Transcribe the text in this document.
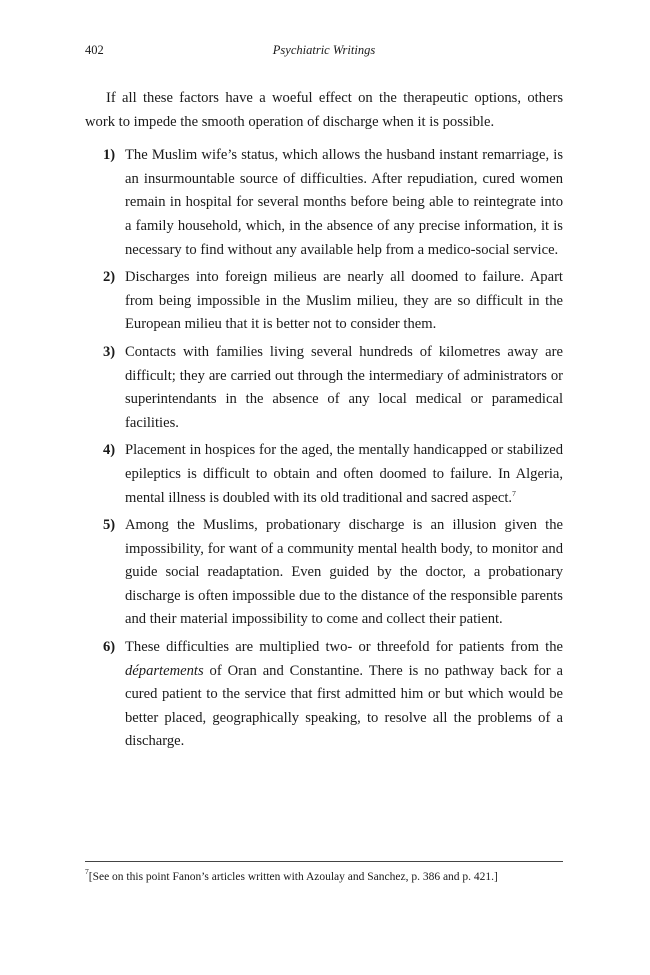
402	Psychiatric Writings

If all these factors have a woeful effect on the therapeutic options, others work to impede the smooth operation of discharge when it is possible.

1) The Muslim wife’s status, which allows the husband instant remarriage, is an insurmountable source of difficulties. After repudiation, cured women remain in hospital for several months before being able to reintegrate into a family household, which, in the absence of any precise information, it is necessary to find without any available help from a medico-social service.
2) Discharges into foreign milieus are nearly all doomed to failure. Apart from being impossible in the Muslim milieu, they are so difficult in the European milieu that it is better not to consider them.
3) Contacts with families living several hundreds of kilometres away are difficult; they are carried out through the intermediary of administrators or superintendants in the absence of any local medical or paramedical facilities.
4) Placement in hospices for the aged, the mentally handicapped or stabilized epileptics is difficult to obtain and often doomed to failure. In Algeria, mental illness is doubled with its old traditional and sacred aspect.$^7$
5) Among the Muslims, probationary discharge is an illusion given the impossibility, for want of a community mental health body, to monitor and guide social readaptation. Even guided by the doctor, a probationary discharge is often impossible due to the distance of the responsible parents and their material impossibility to come and collect their patient.
6) These difficulties are multiplied two- or threefold for patients from the départements of Oran and Constantine. There is no pathway back for a cured patient to the service that first admitted him or but which would be better placed, geographically speaking, to resolve all the problems of a discharge.
$^7$[See on this point Fanon’s articles written with Azoulay and Sanchez, p. 386 and p. 421.]
